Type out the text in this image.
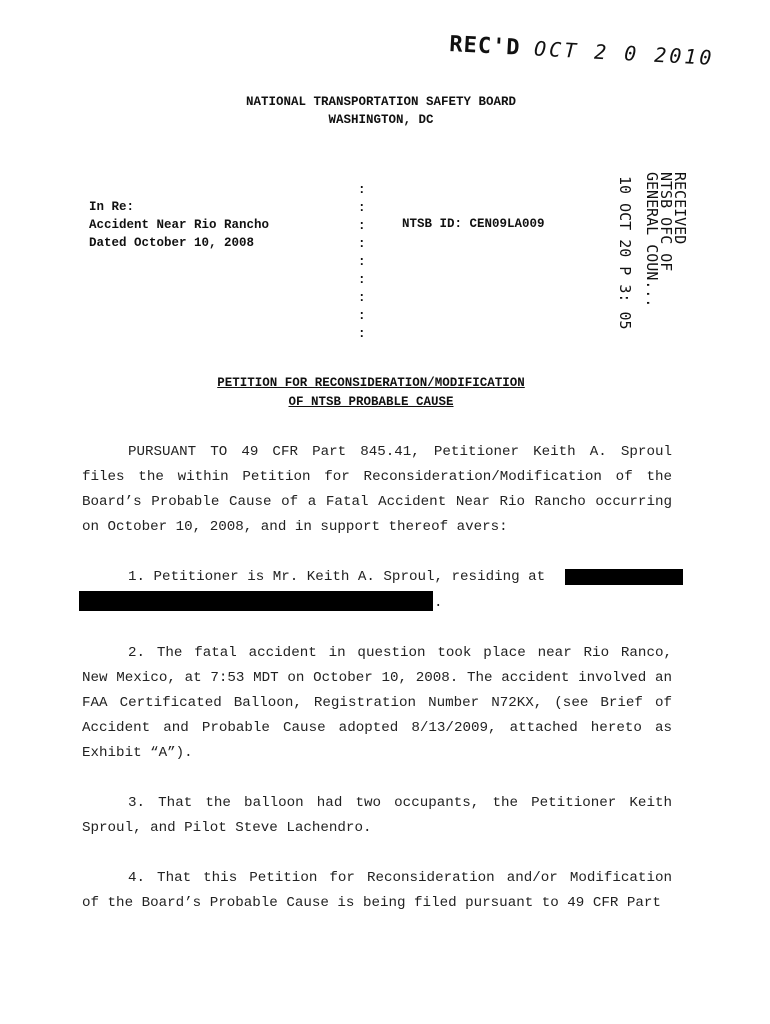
REC'D OCT 2 0 2010
NATIONAL TRANSPORTATION SAFETY BOARD
WASHINGTON, DC
In Re:
Accident Near Rio Rancho
Dated October 10, 2008
:
:
:
:
:
:
:
:
:
NTSB ID: CEN09LA009	RECEIVED
NTSB OFC OF
GENERAL COUN...
10 OCT 20 P 3: 05
PETITION FOR RECONSIDERATION/MODIFICATION
OF NTSB PROBABLE CAUSE
PURSUANT TO 49 CFR Part 845.41, Petitioner Keith A. Sproul files the within Petition for Reconsideration/Modification of the Board’s Probable Cause of a Fatal Accident Near Rio Rancho occurring on October 10, 2008, and in support thereof avers:
1. Petitioner is Mr. Keith A. Sproul, residing at
.
2. The fatal accident in question took place near Rio Ranco, New Mexico, at 7:53 MDT on October 10, 2008. The accident involved an FAA Certificated Balloon, Registration Number N72KX, (see Brief of Accident and Probable Cause adopted 8/13/2009, attached hereto as Exhibit “A”).
3. That the balloon had two occupants, the Petitioner Keith Sproul, and Pilot Steve Lachendro.
4. That this Petition for Reconsideration and/or Modification of the Board’s Probable Cause is being filed pursuant to 49 CFR Part
